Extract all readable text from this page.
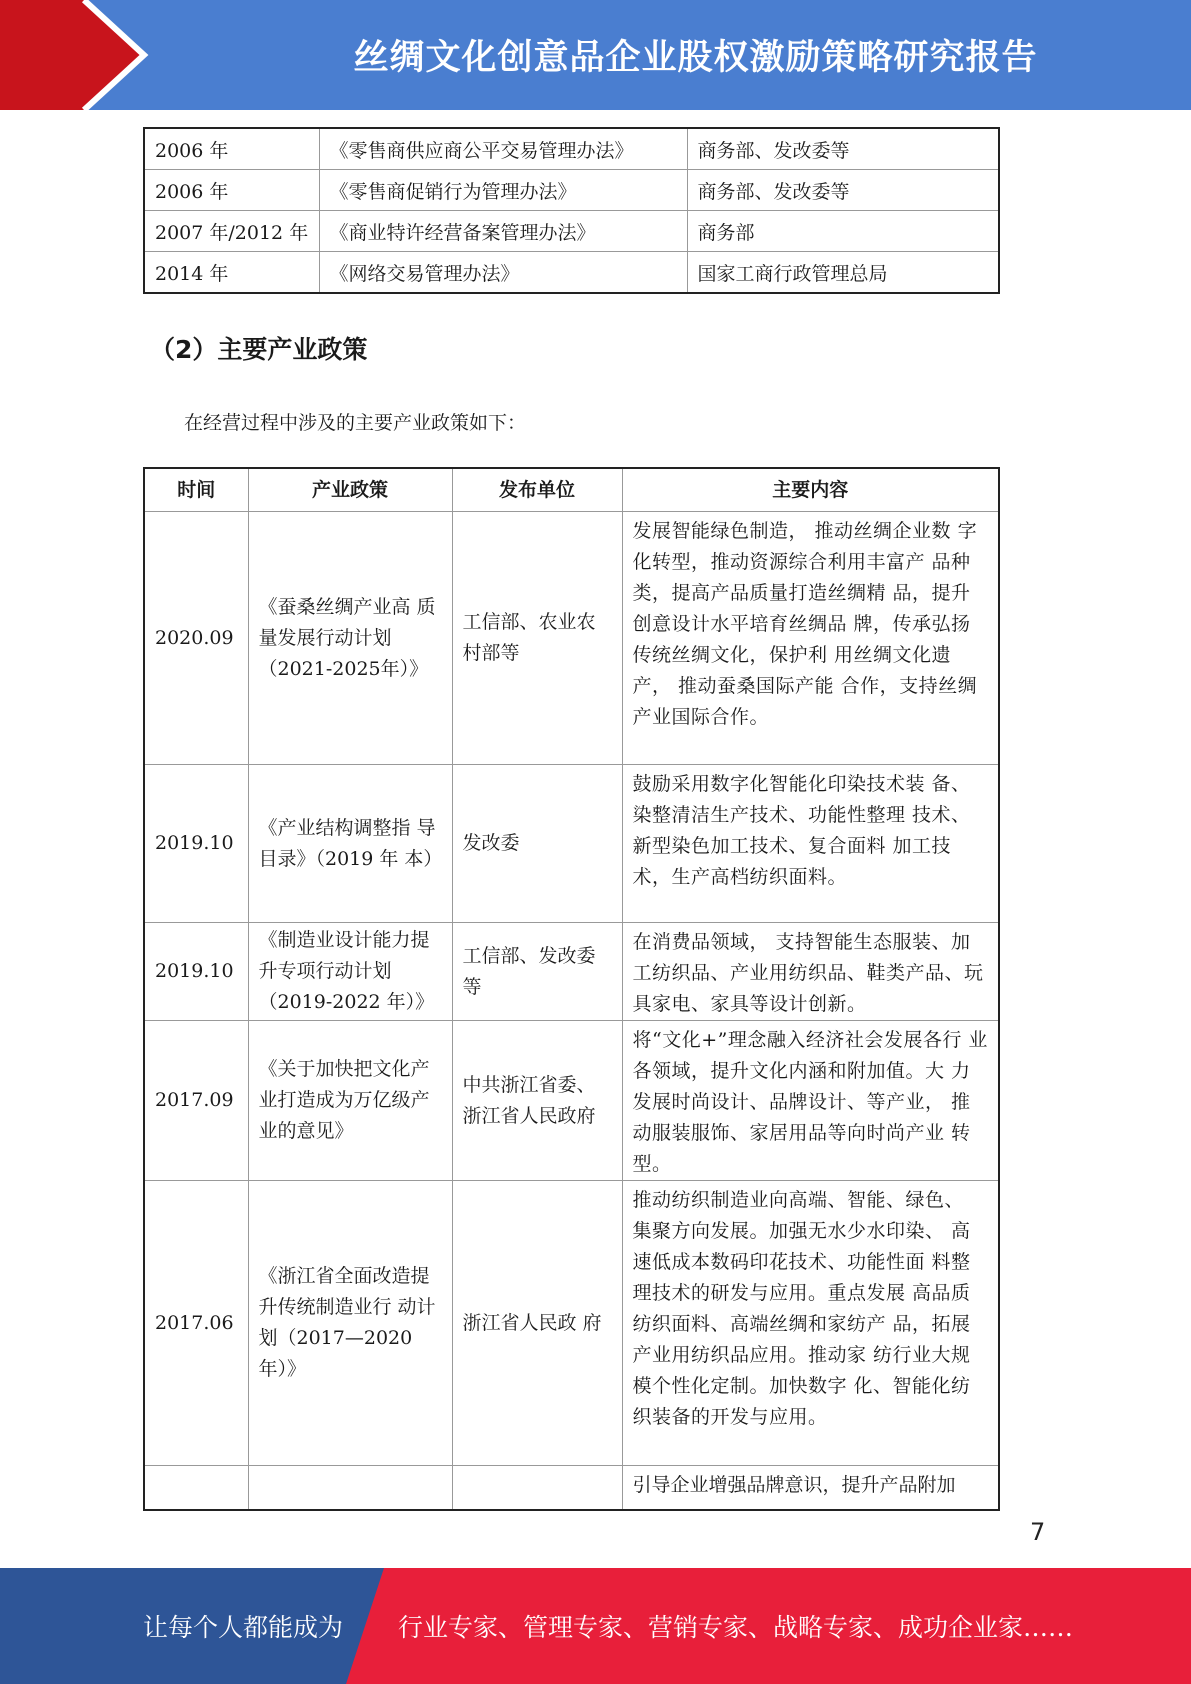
丝绸文化创意品企业股权激励策略研究报告
2006 年	《零售商供应商公平交易管理办法》	商务部、发改委等
2006 年	《零售商促销行为管理办法》	商务部、发改委等
2007 年/2012 年	《商业特许经营备案管理办法》	商务部
2014 年	《网络交易管理办法》	国家工商行政管理总局
（2）主要产业政策
在经营过程中涉及的主要产业政策如下：
时间	产业政策	发布单位	主要内容
2020.09	《蚕桑丝绸产业高 质量发展行动计划（2021-2025年）》	工信部、农业农村部等	发展智能绿色制造， 推动丝绸企业数 字化转型，推动资源综合利用丰富产 品种类，提高产品质量打造丝绸精 品，提升创意设计水平培育丝绸品 牌，传承弘扬传统丝绸文化，保护利 用丝绸文化遗产， 推动蚕桑国际产能 合作，支持丝绸产业国际合作。
2019.10	《产业结构调整指 导目录》（2019 年 本）	发改委	鼓励采用数字化智能化印染技术装 备、染整清洁生产技术、功能性整理 技术、新型染色加工技术、复合面料 加工技术，生产高档纺织面料。
2019.10	《制造业设计能力提升专项行动计划（2019-2022 年）》	工信部、发改委等	在消费品领域， 支持智能生态服装、加工纺织品、产业用纺织品、鞋类产品、玩具家电、家具等设计创新。
2017.09	《关于加快把文化产业打造成为万亿级产业的意见》	中共浙江省委、浙江省人民政府	将“文化+”理念融入经济社会发展各行 业各领域，提升文化内涵和附加值。大 力发展时尚设计、品牌设计、等产业， 推动服装服饰、家居用品等向时尚产业 转型。
2017.06	《浙江省全面改造提升传统制造业行 动计划（2017—2020 年）》	浙江省人民政 府	推动纺织制造业向高端、智能、绿色、 集聚方向发展。加强无水少水印染、 高速低成本数码印花技术、功能性面 料整理技术的研发与应用。重点发展 高品质纺织面料、高端丝绸和家纺产 品，拓展产业用纺织品应用。推动家 纺行业大规模个性化定制。加快数字 化、智能化纺织装备的开发与应用。
			引导企业增强品牌意识，提升产品附加
7
让每个人都能成为 行业专家、管理专家、营销专家、战略专家、成功企业家……
